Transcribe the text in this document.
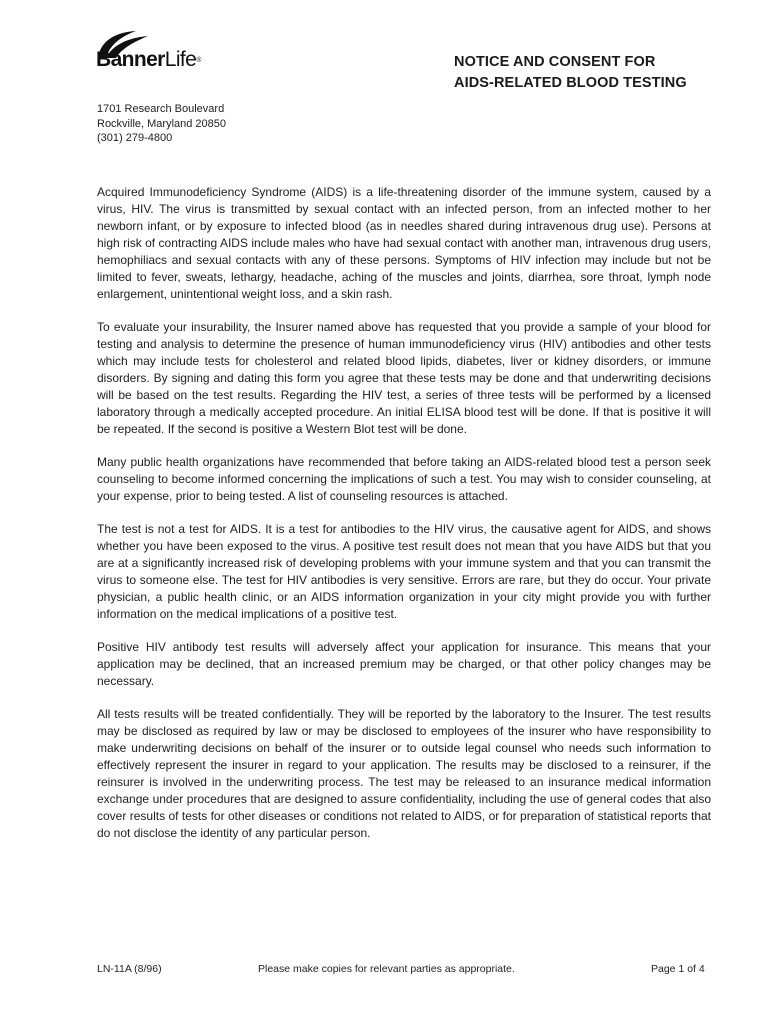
BannerLife®	NOTICE AND CONSENT FOR
AIDS-RELATED BLOOD TESTING
1701 Research Boulevard
Rockville, Maryland 20850
(301) 279-4800

Acquired Immunodeficiency Syndrome (AIDS) is a life-threatening disorder of the immune system, caused by a virus, HIV. The virus is transmitted by sexual contact with an infected person, from an infected mother to her newborn infant, or by exposure to infected blood (as in needles shared during intravenous drug use). Persons at high risk of contracting AIDS include males who have had sexual contact with another man, intravenous drug users, hemophiliacs and sexual contacts with any of these persons. Symptoms of HIV infection may include but not be limited to fever, sweats, lethargy, headache, aching of the muscles and joints, diarrhea, sore throat, lymph node enlargement, unintentional weight loss, and a skin rash.

To evaluate your insurability, the Insurer named above has requested that you provide a sample of your blood for testing and analysis to determine the presence of human immunodeficiency virus (HIV) antibodies and other tests which may include tests for cholesterol and related blood lipids, diabetes, liver or kidney disorders, or immune disorders. By signing and dating this form you agree that these tests may be done and that underwriting decisions will be based on the test results. Regarding the HIV test, a series of three tests will be performed by a licensed laboratory through a medically accepted procedure. An initial ELISA blood test will be done. If that is positive it will be repeated. If the second is positive a Western Blot test will be done.

Many public health organizations have recommended that before taking an AIDS-related blood test a person seek counseling to become informed concerning the implications of such a test. You may wish to consider counseling, at your expense, prior to being tested. A list of counseling resources is attached.

The test is not a test for AIDS. It is a test for antibodies to the HIV virus, the causative agent for AIDS, and shows whether you have been exposed to the virus. A positive test result does not mean that you have AIDS but that you are at a significantly increased risk of developing problems with your immune system and that you can transmit the virus to someone else. The test for HIV antibodies is very sensitive. Errors are rare, but they do occur. Your private physician, a public health clinic, or an AIDS information organization in your city might provide you with further information on the medical implications of a positive test.

Positive HIV antibody test results will adversely affect your application for insurance. This means that your application may be declined, that an increased premium may be charged, or that other policy changes may be necessary.

All tests results will be treated confidentially. They will be reported by the laboratory to the Insurer. The test results may be disclosed as required by law or may be disclosed to employees of the insurer who have responsibility to make underwriting decisions on behalf of the insurer or to outside legal counsel who needs such information to effectively represent the insurer in regard to your application. The results may be disclosed to a reinsurer, if the reinsurer is involved in the underwriting process. The test may be released to an insurance medical information exchange under procedures that are designed to assure confidentiality, including the use of general codes that also cover results of tests for other diseases or conditions not related to AIDS, or for preparation of statistical reports that do not disclose the identity of any particular person.

LN-11A (8/96)	Please make copies for relevant parties as appropriate.	Page 1 of 4
